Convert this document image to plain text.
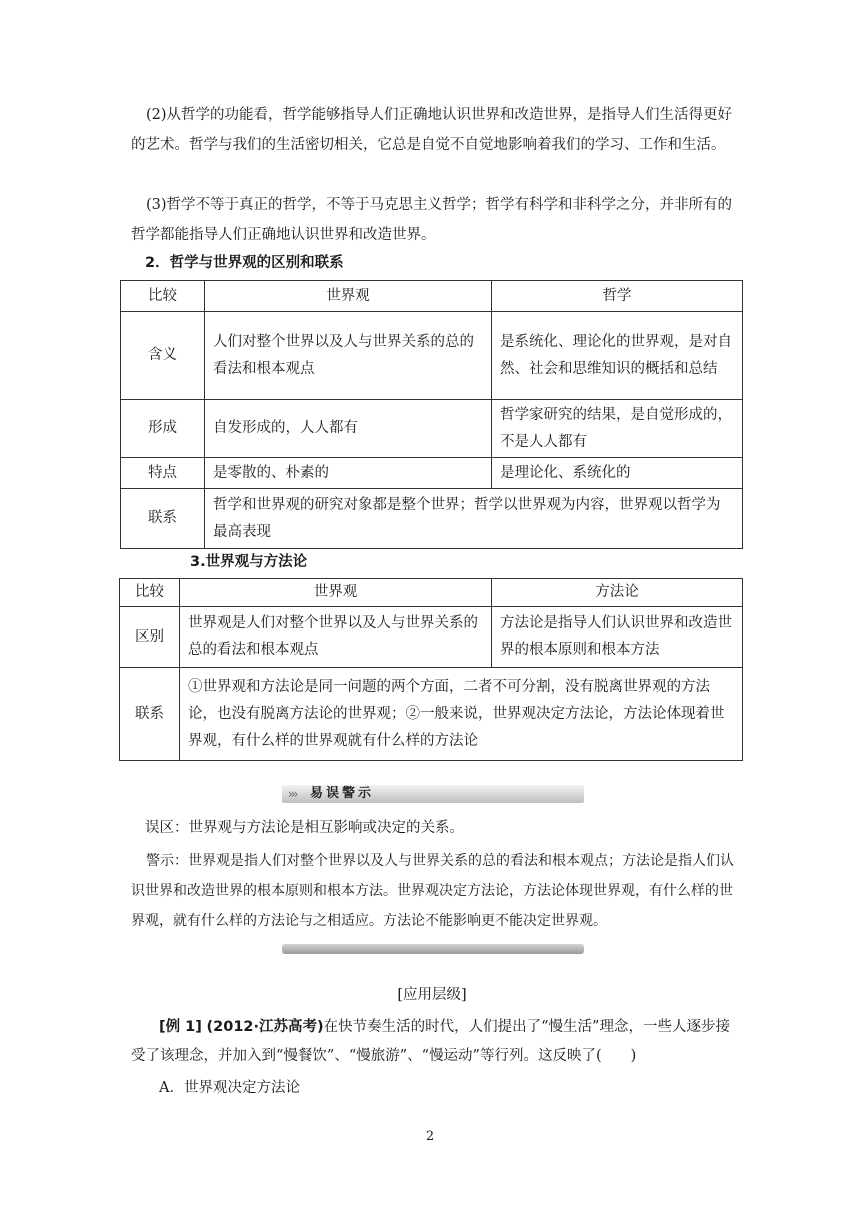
(2)从哲学的功能看，哲学能够指导人们正确地认识世界和改造世界，是指导人们生活得更好的艺术。哲学与我们的生活密切相关，它总是自觉不自觉地影响着我们的学习、工作和生活。
(3)哲学不等于真正的哲学，不等于马克思主义哲学；哲学有科学和非科学之分，并非所有的哲学都能指导人们正确地认识世界和改造世界。
2．哲学与世界观的区别和联系
比较	世界观	哲学
含义	人们对整个世界以及人与世界关系的总的看法和根本观点	是系统化、理论化的世界观，是对自然、社会和思维知识的概括和总结
形成	自发形成的，人人都有	哲学家研究的结果，是自觉形成的，不是人人都有
特点	是零散的、朴素的	是理论化、系统化的
联系	哲学和世界观的研究对象都是整个世界；哲学以世界观为内容，世界观以哲学为最高表现	
3.世界观与方法论
比较	世界观	方法论
区别	世界观是人们对整个世界以及人与世界关系的总的看法和根本观点	方法论是指导人们认识世界和改造世界的根本原则和根本方法
联系	①世界观和方法论是同一问题的两个方面，二者不可分割，没有脱离世界观的方法论，也没有脱离方法论的世界观；②一般来说，世界观决定方法论，方法论体现着世界观，有什么样的世界观就有什么样的方法论	
››› 易误警示
误区：世界观与方法论是相互影响或决定的关系。
警示：世界观是指人们对整个世界以及人与世界关系的总的看法和根本观点；方法论是指人们认识世界和改造世界的根本原则和根本方法。世界观决定方法论，方法论体现世界观，有什么样的世界观，就有什么样的方法论与之相适应。方法论不能影响更不能决定世界观。
[应用层级]
[例 1] (2012·江苏高考)在快节奏生活的时代，人们提出了“慢生活”理念，一些人逐步接受了该理念，并加入到“慢餐饮”、“慢旅游”、“慢运动”等行列。这反映了(　　)
A．世界观决定方法论
2
